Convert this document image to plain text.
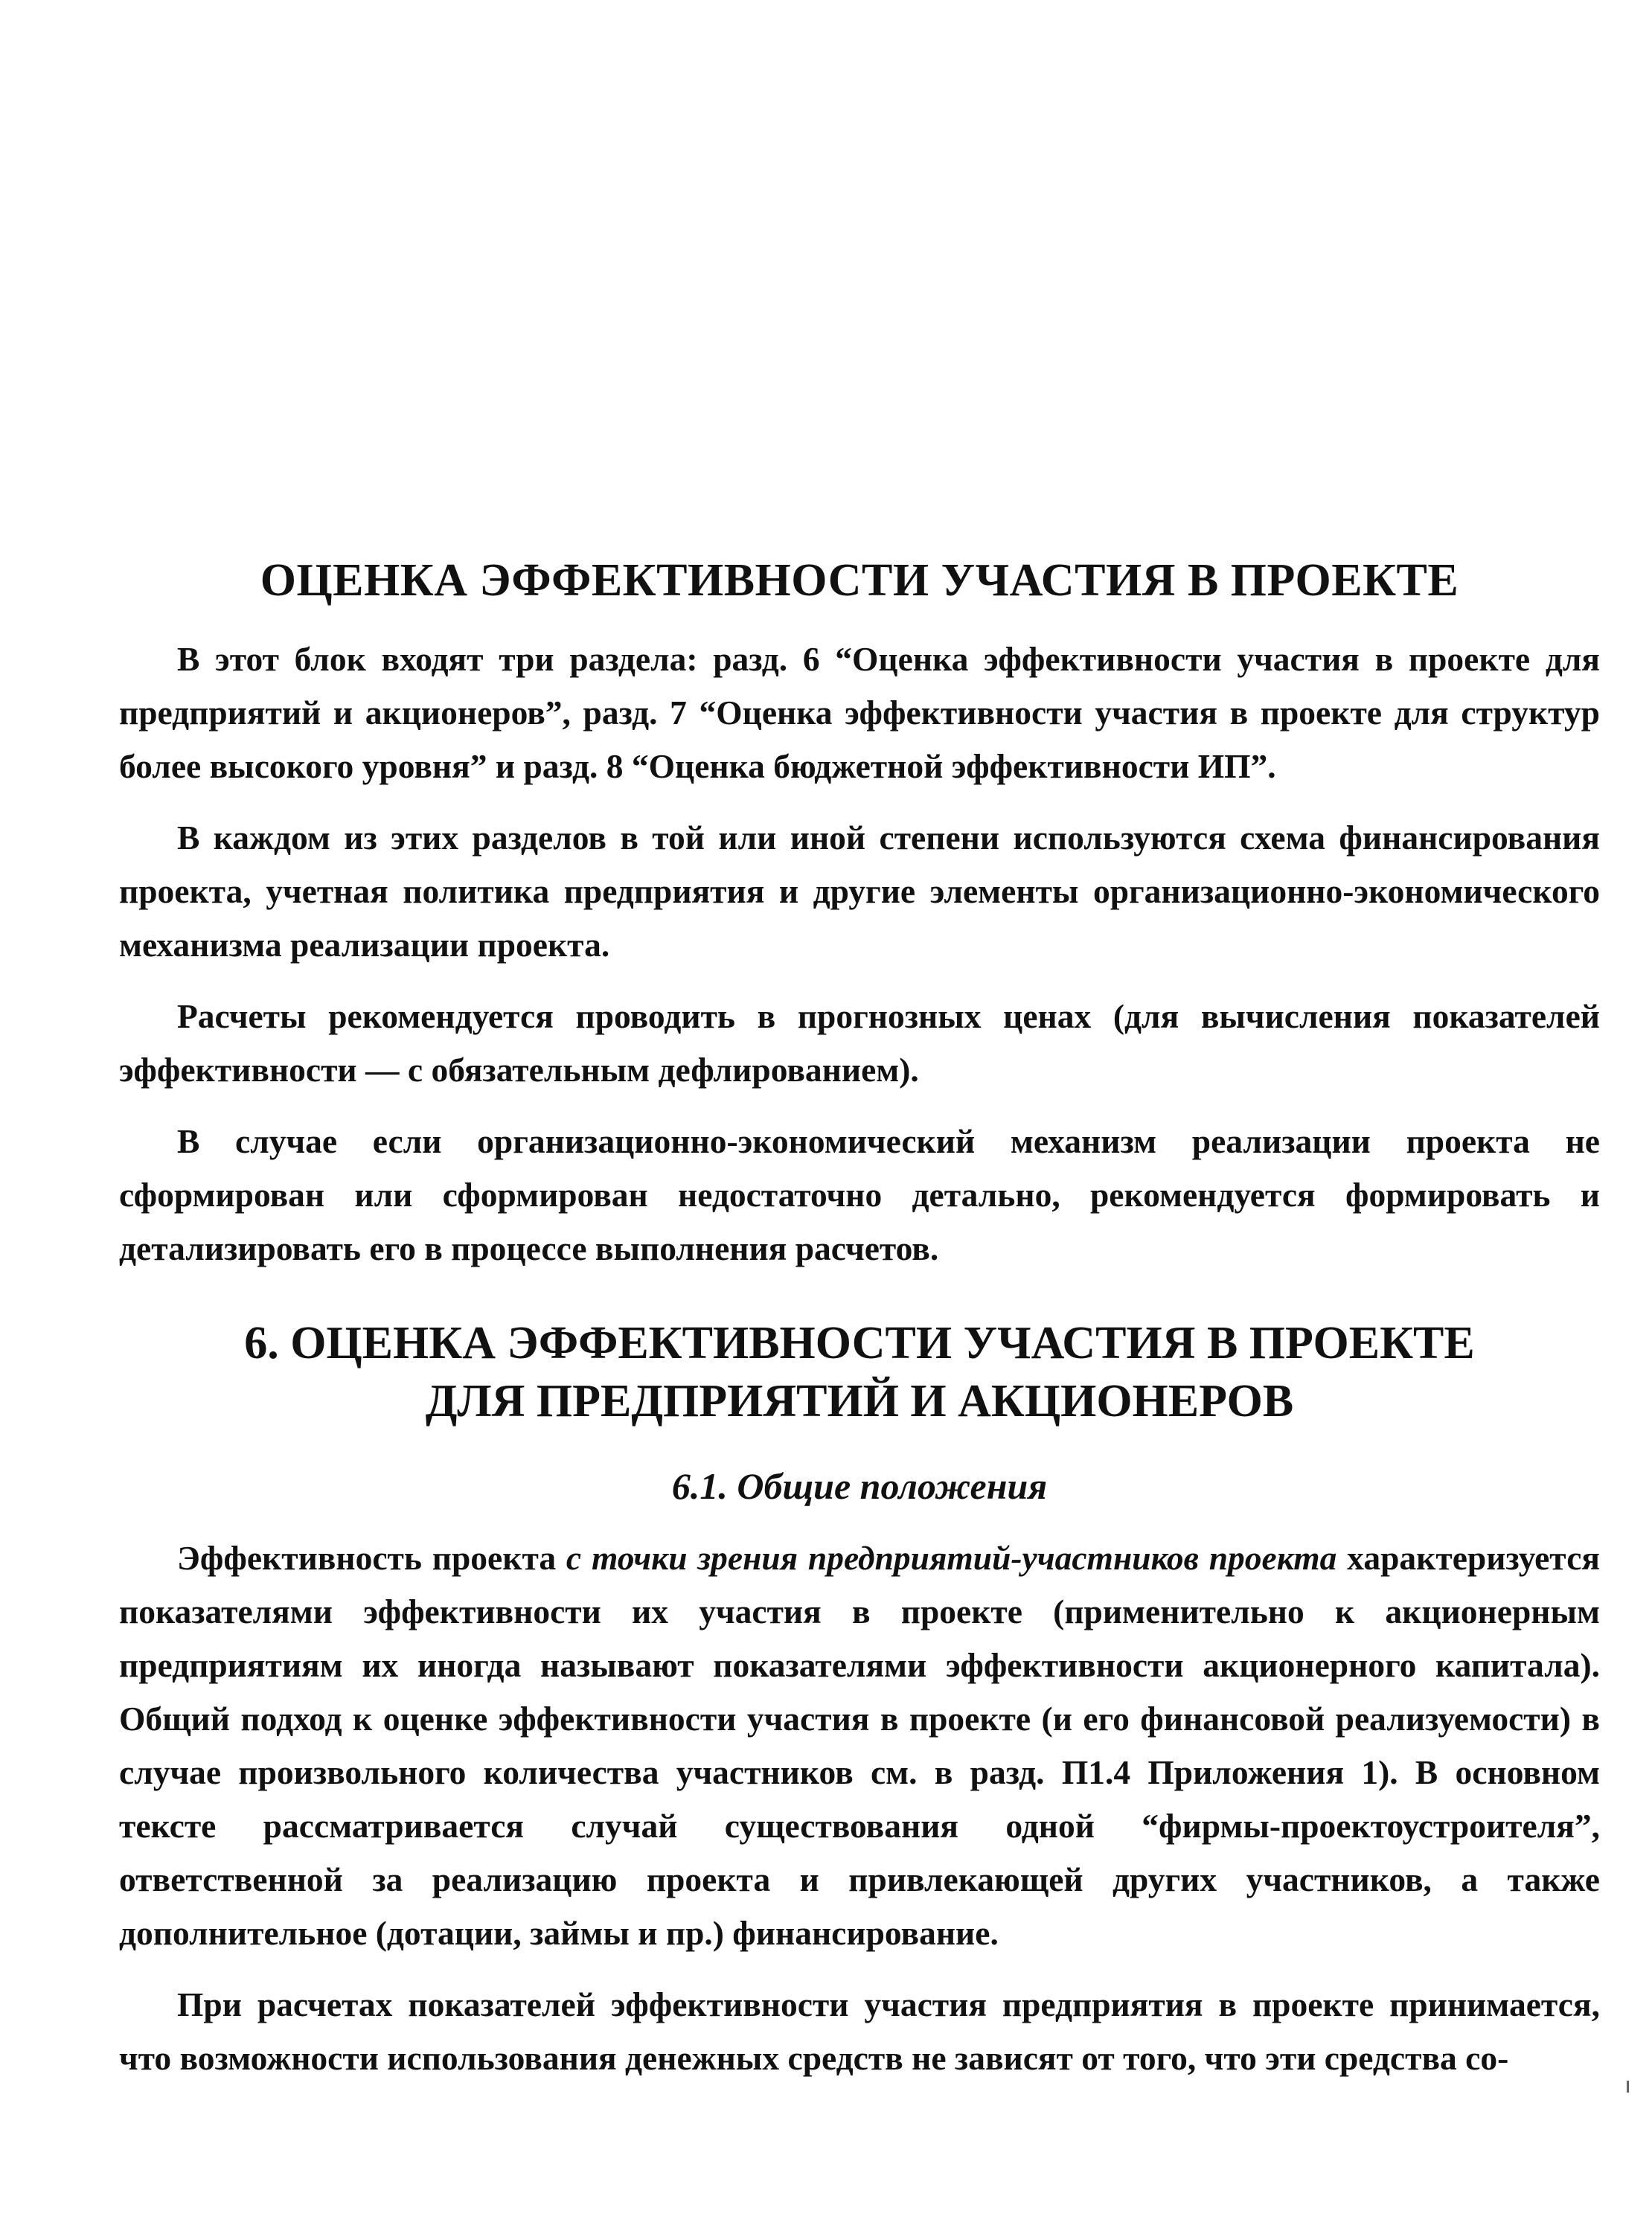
ОЦЕНКА ЭФФЕКТИВНОСТИ УЧАСТИЯ В ПРОЕКТЕ

В этот блок входят три раздела: разд. 6 “Оценка эффективности участия в проекте для предприятий и акционеров”, разд. 7 “Оценка эффективности участия в проекте для структур более высокого уровня” и разд. 8 “Оценка бюджетной эффективности ИП”.

В каждом из этих разделов в той или иной степени используются схема финансирования проекта, учетная политика предприятия и другие элементы организационно-экономического механизма реализации проекта.

Расчеты рекомендуется проводить в прогнозных ценах (для вычисления показателей эффективности — с обязательным дефлированием).

В случае если организационно-экономический механизм реализации проекта не сформирован или сформирован недостаточно детально, рекомендуется формировать и детализировать его в процессе выполнения расчетов.

6. ОЦЕНКА ЭФФЕКТИВНОСТИ УЧАСТИЯ В ПРОЕКТЕ
ДЛЯ ПРЕДПРИЯТИЙ И АКЦИОНЕРОВ
6.1. Общие положения

Эффективность проекта с точки зрения предприятий-участников проекта характеризуется показателями эффективности их участия в проекте (применительно к акционерным предприятиям их иногда называют показателями эффективности акционерного капитала). Общий подход к оценке эффективности участия в проекте (и его финансовой реализуемости) в случае произвольного количества участников см. в разд. П1.4 Приложения 1). В основном тексте рассматривается случай существования одной “фирмы-проектоустроителя”, ответственной за реализацию проекта и привлекающей других участников, а также дополнительное (дотации, займы и пр.) финансирование.

При расчетах показателей эффективности участия предприятия в проекте принимается, что возможности использования денежных средств не зависят от того, что эти средства со-
